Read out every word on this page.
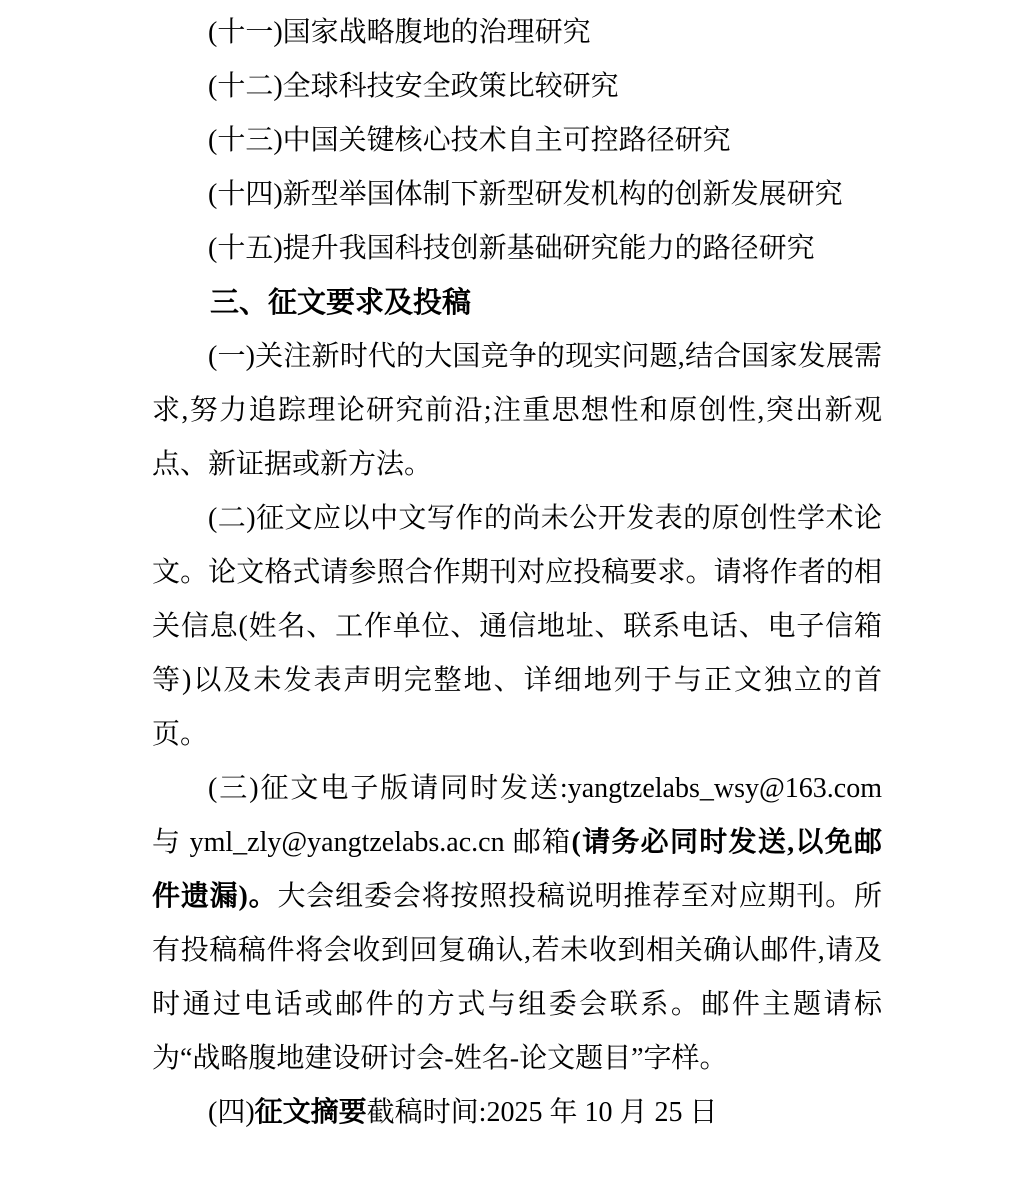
(十一)国家战略腹地的治理研究

(十二)全球科技安全政策比较研究

(十三)中国关键核心技术自主可控路径研究

(十四)新型举国体制下新型研发机构的创新发展研究

(十五)提升我国科技创新基础研究能力的路径研究

三、征文要求及投稿

(一)关注新时代的大国竞争的现实问题,结合国家发展需求,努力追踪理论研究前沿;注重思想性和原创性,突出新观点、新证据或新方法。

(二)征文应以中文写作的尚未公开发表的原创性学术论文。论文格式请参照合作期刊对应投稿要求。请将作者的相关信息(姓名、工作单位、通信地址、联系电话、电子信箱等)以及未发表声明完整地、详细地列于与正文独立的首页。

(三)征文电子版请同时发送:yangtzelabs_wsy@163.com 与 yml_zly@yangtzelabs.ac.cn 邮箱(请务必同时发送,以免邮件遗漏)。大会组委会将按照投稿说明推荐至对应期刊。所有投稿稿件将会收到回复确认,若未收到相关确认邮件,请及时通过电话或邮件的方式与组委会联系。邮件主题请标为“战略腹地建设研讨会-姓名-论文题目”字样。

(四)征文摘要截稿时间:2025 年 10 月 25 日
